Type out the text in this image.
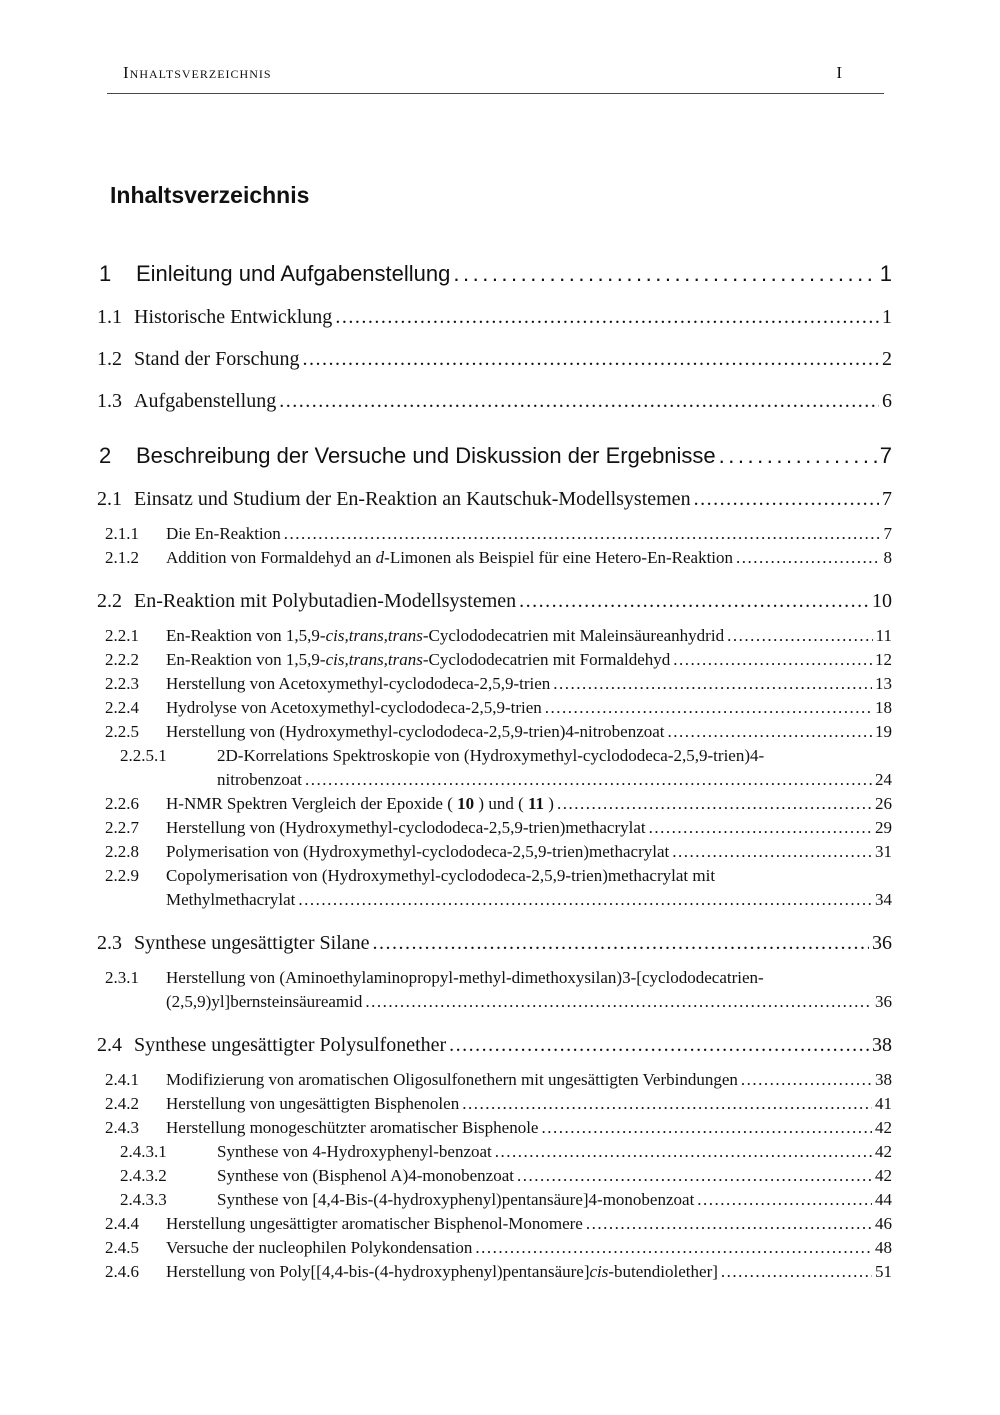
Inhaltsverzeichnis	I
Inhaltsverzeichnis
1	Einleitung und Aufgabenstellung .....	1
1.1 Historische Entwicklung .....	1
1.2 Stand der Forschung .....	2
1.3 Aufgabenstellung .....	6
2	Beschreibung der Versuche und Diskussion der Ergebnisse .....	7
2.1 Einsatz und Studium der En-Reaktion an Kautschuk-Modellsystemen .....	7
2.1.1	Die En-Reaktion .....	7
2.1.2	Addition von Formaldehyd an d-Limonen als Beispiel für eine Hetero-En-Reaktion .....	8
2.2 En-Reaktion mit Polybutadien-Modellsystemen .....	10
2.2.1	En-Reaktion von 1,5,9-cis,trans,trans-Cyclododecatrien mit Maleinsäureanhydrid .....	11
2.2.2	En-Reaktion von 1,5,9-cis,trans,trans-Cyclododecatrien mit Formaldehyd .....	12
2.2.3	Herstellung von Acetoxymethyl-cyclododeca-2,5,9-trien .....	13
2.2.4	Hydrolyse von Acetoxymethyl-cyclododeca-2,5,9-trien .....	18
2.2.5	Herstellung von (Hydroxymethyl-cyclododeca-2,5,9-trien)4-nitrobenzoat .....	19
2.2.5.1	2D-Korrelations Spektroskopie von (Hydroxymethyl-cyclododeca-2,5,9-trien)4-
nitrobenzoat .....	24
2.2.6	H-NMR Spektren Vergleich der Epoxide ( 10 ) und ( 11 ) .....	26
2.2.7	Herstellung von (Hydroxymethyl-cyclododeca-2,5,9-trien)methacrylat .....	29
2.2.8	Polymerisation von (Hydroxymethyl-cyclododeca-2,5,9-trien)methacrylat .....	31
2.2.9	Copolymerisation von (Hydroxymethyl-cyclododeca-2,5,9-trien)methacrylat mit
Methylmethacrylat .....	34
2.3 Synthese ungesättigter Silane .....	36
2.3.1	Herstellung von (Aminoethylaminopropyl-methyl-dimethoxysilan)3-[cyclododecatrien-
(2,5,9)yl]bernsteinsäureamid .....	36
2.4 Synthese ungesättigter Polysulfonether .....	38
2.4.1	Modifizierung von aromatischen Oligosulfonethern mit ungesättigten Verbindungen .....	38
2.4.2	Herstellung von ungesättigten Bisphenolen .....	41
2.4.3	Herstellung monogeschützter aromatischer Bisphenole .....	42
2.4.3.1	Synthese von 4-Hydroxyphenyl-benzoat .....	42
2.4.3.2	Synthese von (Bisphenol A)4-monobenzoat .....	42
2.4.3.3	Synthese von [4,4-Bis-(4-hydroxyphenyl)pentansäure]4-monobenzoat .....	44
2.4.4	Herstellung ungesättigter aromatischer Bisphenol-Monomere .....	46
2.4.5	Versuche der nucleophilen Polykondensation .....	48
2.4.6	Herstellung von Poly[[4,4-bis-(4-hydroxyphenyl)pentansäure]cis-butendiolether] .....	51
